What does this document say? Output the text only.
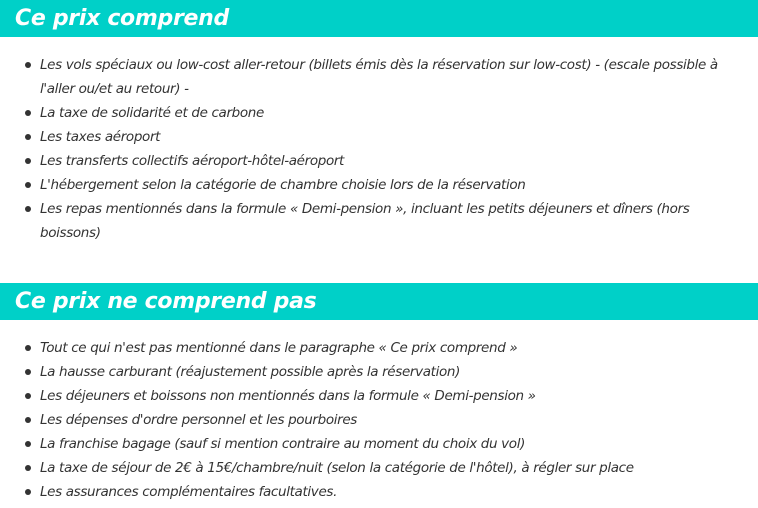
Ce prix comprend
Les vols spéciaux ou low-cost aller-retour (billets émis dès la réservation sur low-cost) - (escale possible à l'aller ou/et au retour) -
La taxe de solidarité et de carbone
Les taxes aéroport
Les transferts collectifs aéroport-hôtel-aéroport
L'hébergement selon la catégorie de chambre choisie lors de la réservation
Les repas mentionnés dans la formule « Demi-pension », incluant les petits déjeuners et dîners (hors boissons)
Ce prix ne comprend pas
Tout ce qui n'est pas mentionné dans le paragraphe « Ce prix comprend »
La hausse carburant (réajustement possible après la réservation)
Les déjeuners et boissons non mentionnés dans la formule « Demi-pension »
Les dépenses d'ordre personnel et les pourboires
La franchise bagage (sauf si mention contraire au moment du choix du vol)
La taxe de séjour de 2€ à 15€/chambre/nuit (selon la catégorie de l'hôtel), à régler sur place
Les assurances complémentaires facultatives.
